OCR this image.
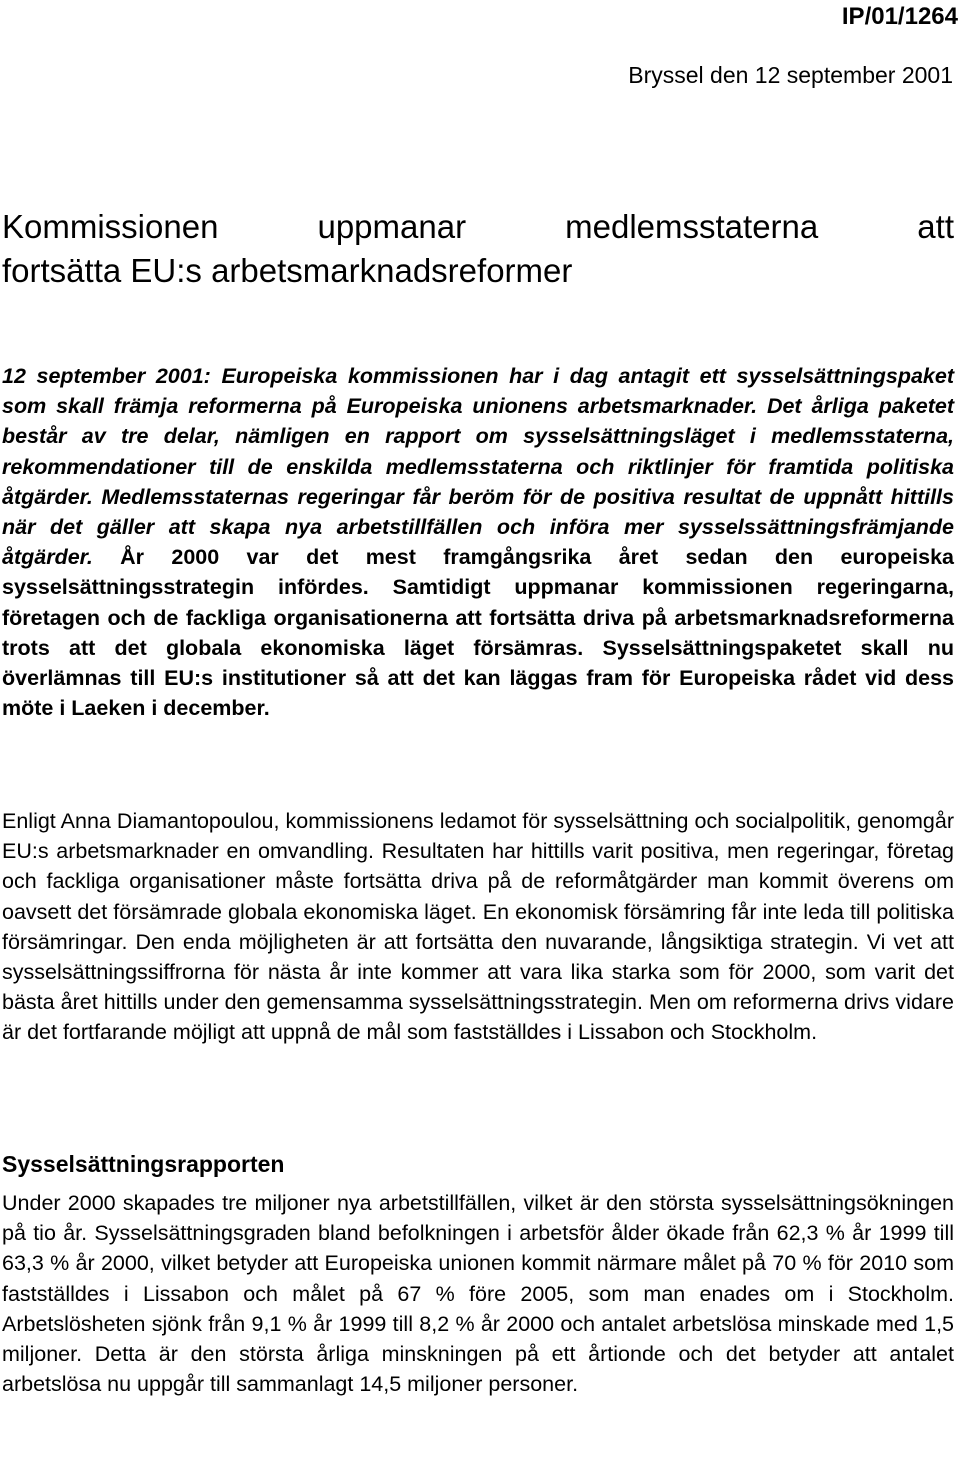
IP/01/1264

Bryssel den 12 september 2001

Kommissionen uppmanar medlemsstaterna att
fortsätta EU:s arbetsmarknadsreformer

12 september 2001: Europeiska kommissionen har i dag antagit ett sysselsättningspaket som skall främja reformerna på Europeiska unionens arbetsmarknader. Det årliga paketet består av tre delar, nämligen en rapport om sysselsättningsläget i medlemsstaterna, rekommendationer till de enskilda medlemsstaterna och riktlinjer för framtida politiska åtgärder. Medlemsstaternas regeringar får beröm för de positiva resultat de uppnått hittills när det gäller att skapa nya arbetstillfällen och införa mer sysselssättningsfrämjande åtgärder. År 2000 var det mest framgångsrika året sedan den europeiska sysselsättningsstrategin infördes. Samtidigt uppmanar kommissionen regeringarna, företagen och de fackliga organisationerna att fortsätta driva på arbetsmarknadsreformerna trots att det globala ekonomiska läget försämras. Sysselsättningspaketet skall nu överlämnas till EU:s institutioner så att det kan läggas fram för Europeiska rådet vid dess möte i Laeken i december.

Enligt Anna Diamantopoulou, kommissionens ledamot för sysselsättning och socialpolitik, genomgår EU:s arbetsmarknader en omvandling. Resultaten har hittills varit positiva, men regeringar, företag och fackliga organisationer måste fortsätta driva på de reformåtgärder man kommit överens om oavsett det försämrade globala ekonomiska läget. En ekonomisk försämring får inte leda till politiska försämringar. Den enda möjligheten är att fortsätta den nuvarande, långsiktiga strategin. Vi vet att sysselsättningssiffrorna för nästa år inte kommer att vara lika starka som för 2000, som varit det bästa året hittills under den gemensamma sysselsättningsstrategin. Men om reformerna drivs vidare är det fortfarande möjligt att uppnå de mål som fastställdes i Lissabon och Stockholm.

Sysselsättningsrapporten

Under 2000 skapades tre miljoner nya arbetstillfällen, vilket är den största sysselsättningsökningen på tio år. Sysselsättningsgraden bland befolkningen i arbetsför ålder ökade från 62,3 % år 1999 till 63,3 % år 2000, vilket betyder att Europeiska unionen kommit närmare målet på 70 % för 2010 som fastställdes i Lissabon och målet på 67 % före 2005, som man enades om i Stockholm. Arbetslösheten sjönk från 9,1 % år 1999 till 8,2 % år 2000 och antalet arbetslösa minskade med 1,5 miljoner. Detta är den största årliga minskningen på ett årtionde och det betyder att antalet arbetslösa nu uppgår till sammanlagt 14,5 miljoner personer.
